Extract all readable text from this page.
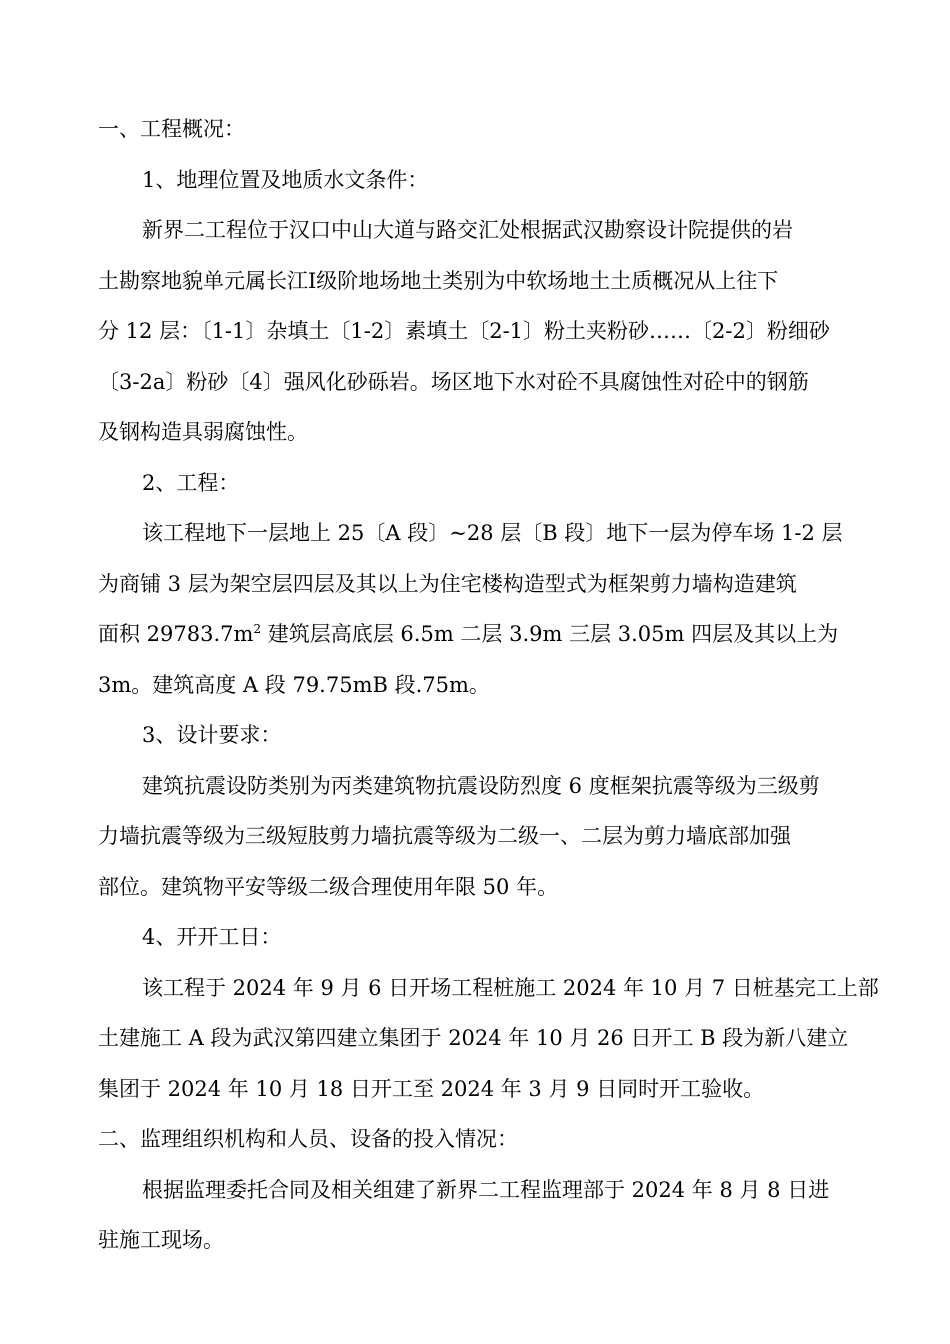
一、工程概况：
1、地理位置及地质水文条件：
新界二工程位于汉口中山大道与路交汇处根据武汉勘察设计院提供的岩
土勘察地貌单元属长江Ⅰ级阶地场地土类别为中软场地土土质概况从上往下
分 12 层：〔1-1〕杂填土〔1-2〕素填土〔2-1〕粉土夹粉砂……〔2-2〕粉细砂
〔3-2a〕粉砂〔4〕强风化砂砾岩。场区地下水对砼不具腐蚀性对砼中的钢筋
及钢构造具弱腐蚀性。
2、工程：
该工程地下一层地上 25〔A 段〕~28 层〔B 段〕地下一层为停车场 1-2 层
为商铺 3 层为架空层四层及其以上为住宅楼构造型式为框架剪力墙构造建筑
面积 $29783.7m^2$ 建筑层高底层 6.5m 二层 3.9m 三层 3.05m 四层及其以上为
3m。建筑高度 A 段 79.75mB 段.75m。
3、设计要求：
建筑抗震设防类别为丙类建筑物抗震设防烈度 6 度框架抗震等级为三级剪
力墙抗震等级为三级短肢剪力墙抗震等级为二级一、二层为剪力墙底部加强
部位。建筑物平安等级二级合理使用年限 50 年。
4、开开工日：
该工程于 2024 年 9 月 6 日开场工程桩施工 2024 年 10 月 7 日桩基完工上部
土建施工 A 段为武汉第四建立集团于 2024 年 10 月 26 日开工 B 段为新八建立
集团于 2024 年 10 月 18 日开工至 2024 年 3 月 9 日同时开工验收。
二、监理组织机构和人员、设备的投入情况：
根据监理委托合同及相关组建了新界二工程监理部于 2024 年 8 月 8 日进
驻施工现场。
